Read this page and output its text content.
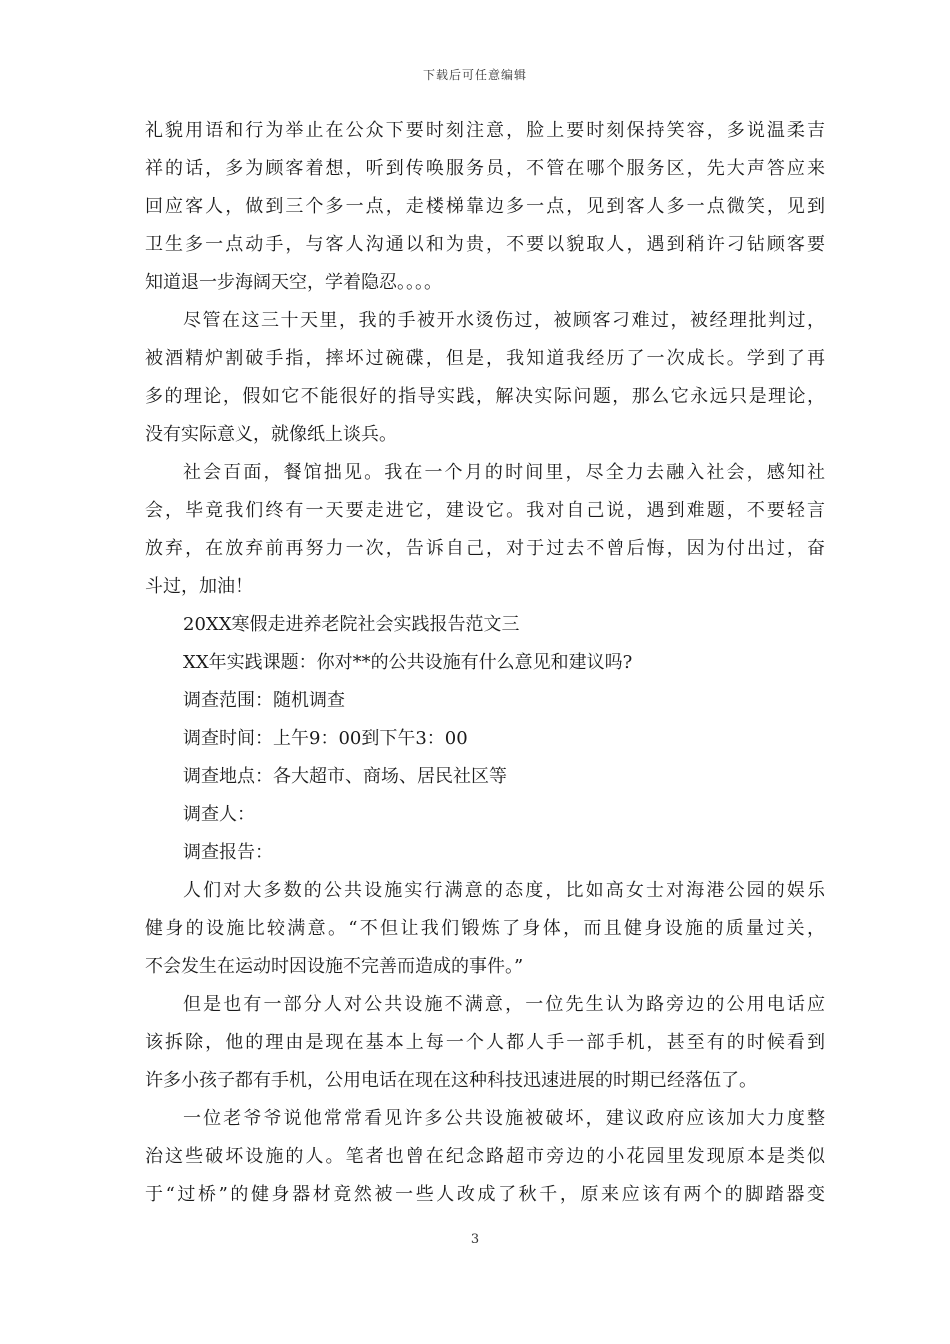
下载后可任意编辑
礼貌用语和行为举止在公众下要时刻注意，脸上要时刻保持笑容，多说温柔吉
祥的话，多为顾客着想，听到传唤服务员，不管在哪个服务区，先大声答应来
回应客人，做到三个多一点，走楼梯靠边多一点，见到客人多一点微笑，见到
卫生多一点动手，与客人沟通以和为贵，不要以貌取人，遇到稍许刁钻顾客要
知道退一步海阔天空，学着隐忍。。。。
尽管在这三十天里，我的手被开水烫伤过，被顾客刁难过，被经理批判过，
被酒精炉割破手指，摔坏过碗碟，但是，我知道我经历了一次成长。学到了再
多的理论，假如它不能很好的指导实践，解决实际问题，那么它永远只是理论，
没有实际意义，就像纸上谈兵。
社会百面，餐馆拙见。我在一个月的时间里，尽全力去融入社会，感知社
会，毕竟我们终有一天要走进它，建设它。我对自己说，遇到难题，不要轻言
放弃，在放弃前再努力一次，告诉自己，对于过去不曾后悔，因为付出过，奋
斗过，加油！
20XX寒假走进养老院社会实践报告范文三
XX年实践课题：你对**的公共设施有什么意见和建议吗?
调查范围：随机调查
调查时间：上午9：00到下午3：00
调查地点：各大超市、商场、居民社区等
调查人：
调查报告：
人们对大多数的公共设施实行满意的态度，比如高女士对海港公园的娱乐
健身的设施比较满意。“不但让我们锻炼了身体，而且健身设施的质量过关，
不会发生在运动时因设施不完善而造成的事件。”
但是也有一部分人对公共设施不满意，一位先生认为路旁边的公用电话应
该拆除，他的理由是现在基本上每一个人都人手一部手机，甚至有的时候看到
许多小孩子都有手机，公用电话在现在这种科技迅速进展的时期已经落伍了。
一位老爷爷说他常常看见许多公共设施被破坏，建议政府应该加大力度整
治这些破坏设施的人。笔者也曾在纪念路超市旁边的小花园里发现原本是类似
于“过桥”的健身器材竟然被一些人改成了秋千，原来应该有两个的脚踏器变
3
